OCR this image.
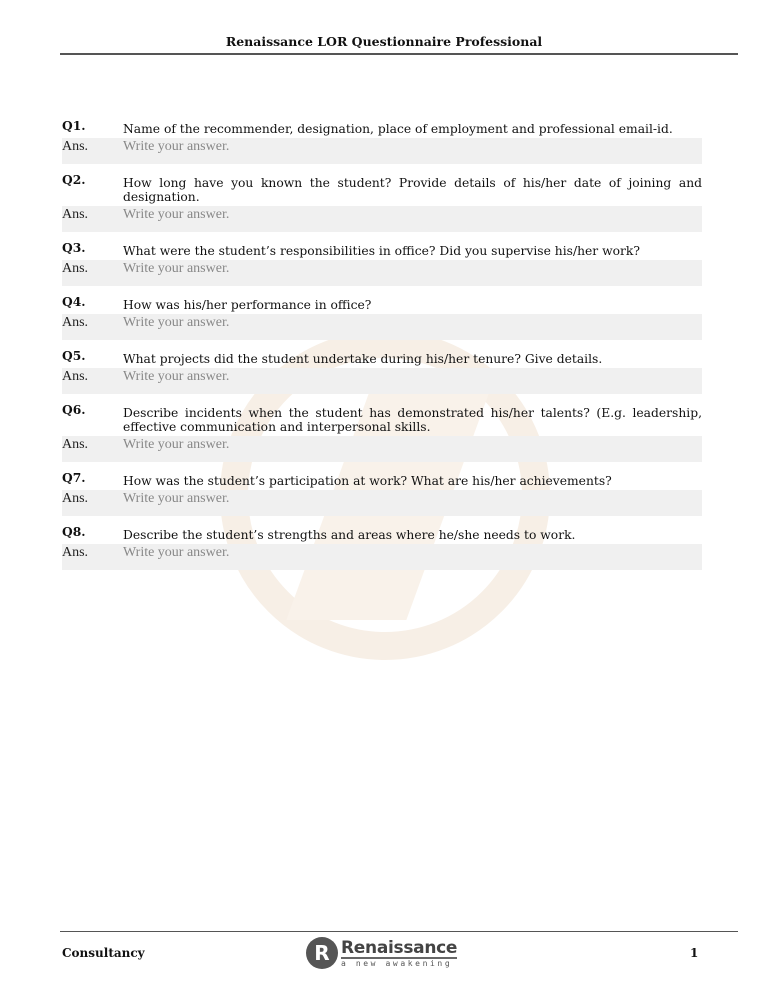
Renaissance LOR Questionnaire Professional
Q1.	Name of the recommender, designation, place of employment and professional email-id.
Ans.	Write your answer.
Q2.	How long have you known the student? Provide details of his/her date of joining and designation.
Ans.	Write your answer.
Q3.	What were the student’s responsibilities in office? Did you supervise his/her work?
Ans.	Write your answer.
Q4.	How was his/her performance in office?
Ans.	Write your answer.
Q5.	What projects did the student undertake during his/her tenure? Give details.
Ans.	Write your answer.
Q6.	Describe incidents when the student has demonstrated his/her talents? (E.g. leadership, effective communication and interpersonal skills.
Ans.	Write your answer.
Q7.	How was the student’s participation at work? What are his/her achievements?
Ans.	Write your answer.
Q8.	Describe the student’s strengths and areas where he/she needs to work.
Ans.	Write your answer.
Consultancy	R Renaissance
a new awakening
1
